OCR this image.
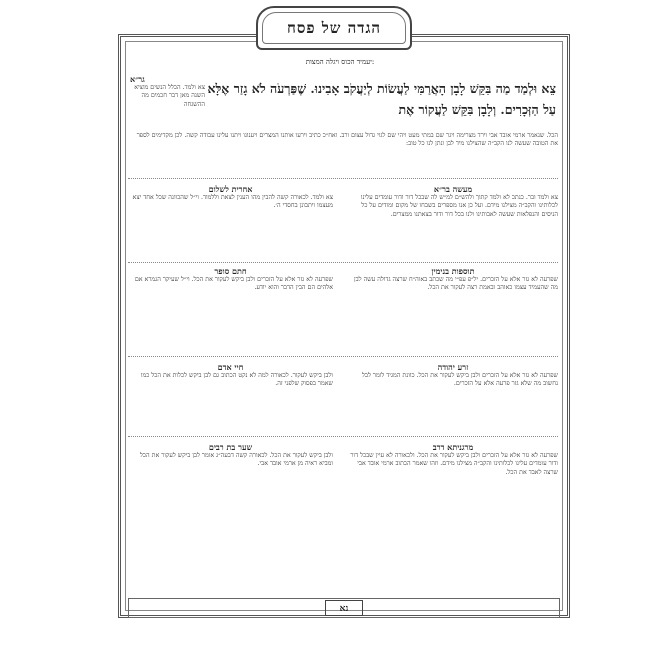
הגדה של פסח
יעמיד הכוס ויגלה המצות:
גר״א
צא ולמד. הכלל הנשים מוציא השנה מאן דבר חכמים מה ההשגחה
צֵא וּלְמַד מַה בִּקֵּשׁ לָבָן הָאֲרַמִּי לַעֲשׂוֹת לְיַעֲקֹב אָבִינוּ. שֶׁפַּרְעֹה לֹא גָזַר אֶלָּא עַל הַזְּכָרִים. וְלָבָן בִּקֵּשׁ לַעֲקוֹר אֶת
הכל. שנאמר ארמי אובד אבי וירד מצרימה ויגר שם במתי מעט ויהי שם לגוי גדול עצום ורב. ואח״כ כתיב וירעו אותנו המצרים ויענונו ויתנו עלינו עבודה קשה. לכן מקדימים לספר את הטובה שעשה לנו הקב״ה שהצילנו מיד לבן ונתן לנו כל טוב:
אחרית לשלום
צא ולמד. לכאורה קשה להבין מהו הענין לצאת וללמוד. וי״ל שהכוונה שכל אחד יצא מעצמו ויתבונן בחסדי ה׳.
מעשה בר״א
צא ולמד ובר. כנתכ לא ולמד קתוך ולהש״ם למ״ש לה שבכל דור ודור עומדים עלינו לכלותינו והקב״ה מצילנו מידם. ועל כן אנו מספרים בשבחו של מקום ומודים על כל הניסים והנפלאות שעשה לאבותינו ולנו בכל דור ודור בצאתנו ממצרים.
חתם סופר
שפרעה לא גזר אלא על הזכרים ולבן ביקש לעקור את הכל. וי״ל שעיקר הגמרא אם אלהים הם הבין הדבר והוא יודע.
תוספות בנימין
שפרעה לא גזר אלא על הזכרים. יל״פ עפ״י מה שכתב באוה״ח שרצה גדולה עשה לבן מה שהעמיד עצמו כאוהב ובאמת רצה לעקור את הכל.
חיי אדם
ולבן ביקש לעקור. לכאורה למה לא נקט הכתוב גם לבן ביקש לכלות את הכל כמו שאמר בפסוק שלפני זה.
זרע יהודה
שפרעה לא גזר אלא על הזכרים ולבן ביקש לעקור את הכל. כוונת המגיד לומר לבל נחשוב מה שלא גזר פרעה אלא על הזכרים.
שער בת רבים
ולבן ביקש לעקור את הכל. לכאורה קשה דבעה״ג אומר לבן ביקש לעקור את הכל ומביא ראיה מן ארמי אובד אבי.
מרגניתא דרב
שפרעה לא גזר אלא על הזכרים ולבן ביקש לעקור את הכל. ולכאורה לא עיין שבכל דור ודור עומדים עלינו לכלותינו והקב״ה מצילנו מידם. וזהו שאמר הכתוב ארמי אובד אבי שרצה לאבד את הכל.
נא
